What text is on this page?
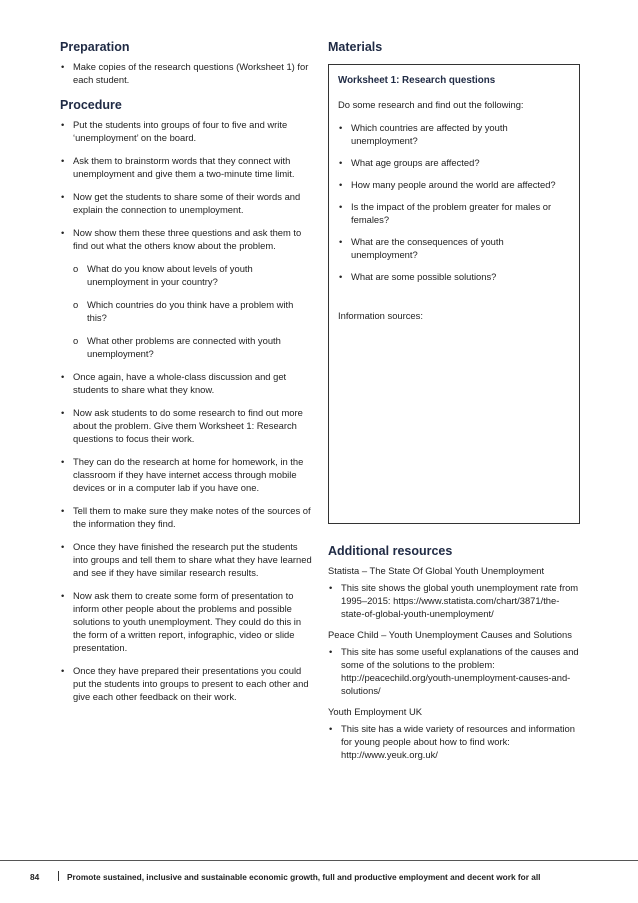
Preparation
• Make copies of the research questions (Worksheet 1) for each student.
Procedure
• Put the students into groups of four to five and write ‘unemployment’ on the board.
• Ask them to brainstorm words that they connect with unemployment and give them a two-minute time limit.
• Now get the students to share some of their words and explain the connection to unemployment.
• Now show them these three questions and ask them to find out what the others know about the problem.
o What do you know about levels of youth unemployment in your country?
o Which countries do you think have a problem with this?
o What other problems are connected with youth unemployment?
• Once again, have a whole-class discussion and get students to share what they know.
• Now ask students to do some research to find out more about the problem. Give them Worksheet 1: Research questions to focus their work.
• They can do the research at home for homework, in the classroom if they have internet access through mobile devices or in a computer lab if you have one.
• Tell them to make sure they make notes of the sources of the information they find.
• Once they have finished the research put the students into groups and tell them to share what they have learned and see if they have similar research results.
• Now ask them to create some form of presentation to inform other people about the problems and possible solutions to youth unemployment. They could do this in the form of a written report, infographic, video or slide presentation.
• Once they have prepared their presentations you could put the students into groups to present to each other and give each other feedback on their work.
Materials

Worksheet 1: Research questions

Do some research and find out the following:

• Which countries are affected by youth unemployment?
• What age groups are affected?
• How many people around the world are affected?
• Is the impact of the problem greater for males or females?
• What are the consequences of youth unemployment?
• What are some possible solutions?
Information sources:
Additional resources

Statista – The State Of Global Youth Unemployment

• This site shows the global youth unemployment rate from 1995–2015: https://www.statista.com/chart/3871/the-state-of-global-youth-unemployment/

Peace Child – Youth Unemployment Causes and Solutions

• This site has some useful explanations of the causes and some of the solutions to the problem: http://peacechild.org/youth-unemployment-causes-and-solutions/

Youth Employment UK

• This site has a wide variety of resources and information for young people about how to find work: http://www.yeuk.org.uk/
84	Promote sustained, inclusive and sustainable economic growth, full and productive employment and decent work for all
